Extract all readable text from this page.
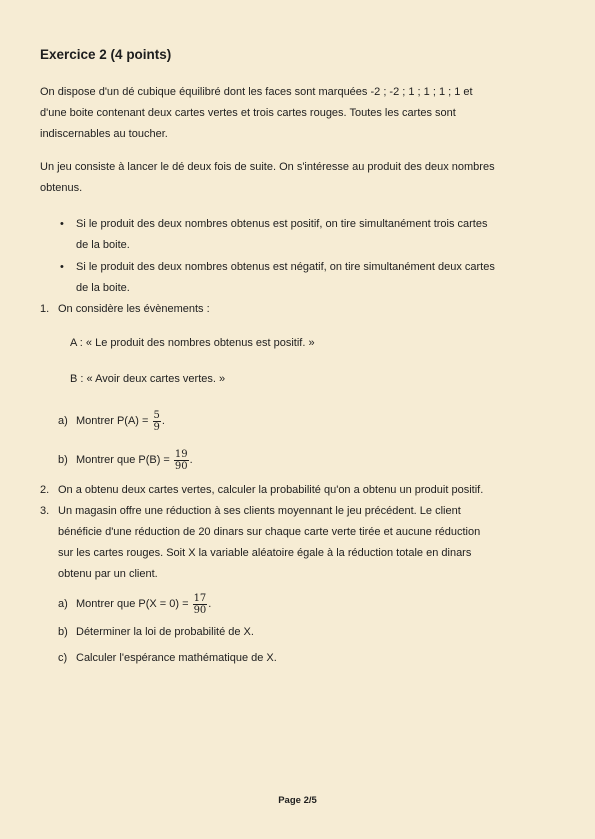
Exercice 2 (4 points)
On dispose d'un dé cubique équilibré dont les faces sont marquées -2 ; -2 ; 1 ; 1 ; 1 ; 1 et
d'une boite contenant deux cartes vertes et trois cartes rouges. Toutes les cartes sont
indiscernables au toucher.
Un jeu consiste à lancer le dé deux fois de suite. On s'intéresse au produit des deux nombres
obtenus.
• Si le produit des deux nombres obtenus est positif, on tire simultanément trois cartes
de la boite.
• Si le produit des deux nombres obtenus est négatif, on tire simultanément deux cartes
de la boite.
1. On considère les évènements :
A : « Le produit des nombres obtenus est positif. »
B : « Avoir deux cartes vertes. »
a) Montrer $P(A) = \frac{5}{9}$ .
b) Montrer que $P(B) = \frac{19}{90}$ .
2. On a obtenu deux cartes vertes, calculer la probabilité qu'on a obtenu un produit positif.
3. Un magasin offre une réduction à ses clients moyennant le jeu précédent. Le client
bénéficie d'une réduction de 20 dinars sur chaque carte verte tirée et aucune réduction
sur les cartes rouges. Soit X la variable aléatoire égale à la réduction totale en dinars
obtenu par un client.
a) Montrer que $P(X = 0) = \frac{17}{90}$ .
b) Déterminer la loi de probabilité de X.
c) Calculer l'espérance mathématique de X.
Page 2/5
